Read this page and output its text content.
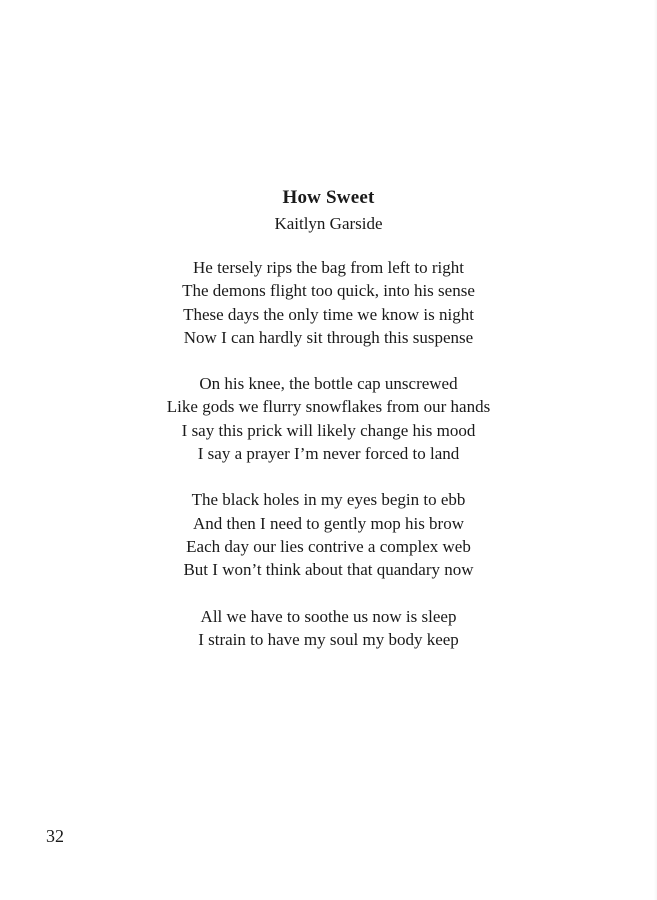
How Sweet
Kaitlyn Garside
He tersely rips the bag from left to right
The demons flight too quick, into his sense
These days the only time we know is night
Now I can hardly sit through this suspense
On his knee, the bottle cap unscrewed
Like gods we flurry snowflakes from our hands
I say this prick will likely change his mood
I say a prayer I’m never forced to land
The black holes in my eyes begin to ebb
And then I need to gently mop his brow
Each day our lies contrive a complex web
But I won’t think about that quandary now
All we have to soothe us now is sleep
I strain to have my soul my body keep
32
